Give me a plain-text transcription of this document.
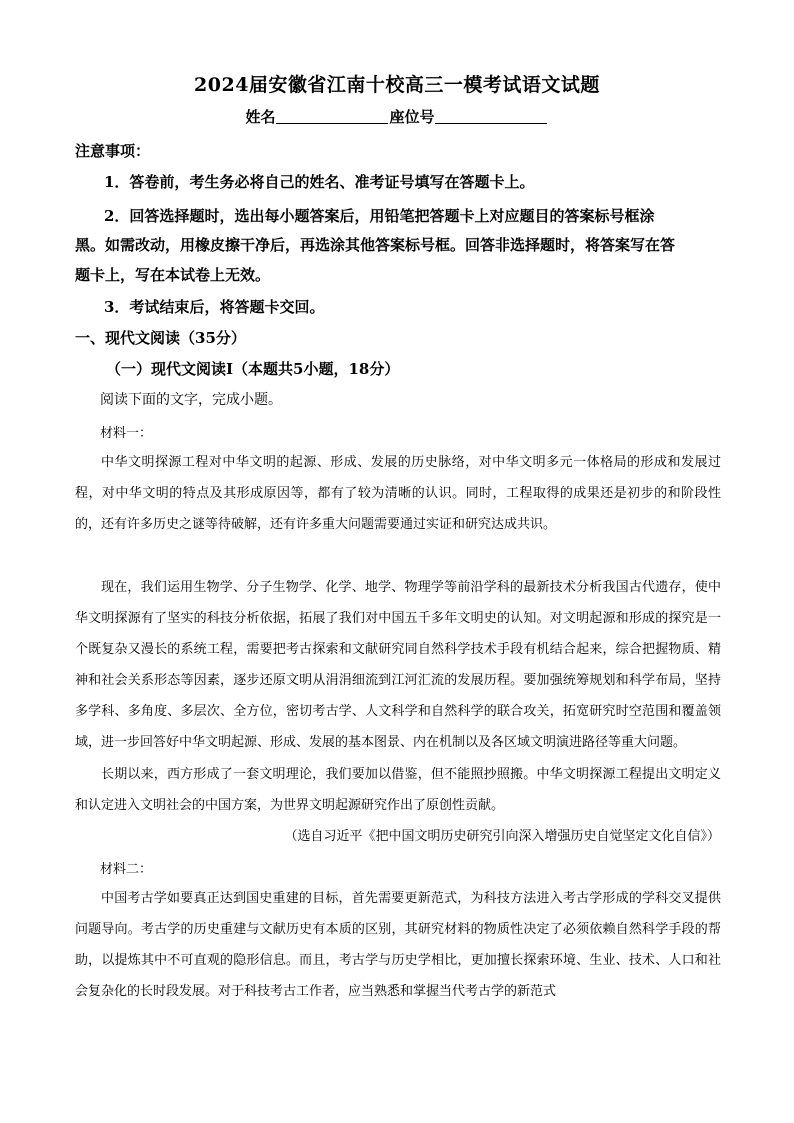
2024届安徽省江南十校高三一模考试语文试题
姓名	座位号
注意事项：
1．答卷前，考生务必将自己的姓名、准考证号填写在答题卡上。
2．回答选择题时，选出每小题答案后，用铅笔把答题卡上对应题目的答案标号框涂
黑。如需改动，用橡皮擦干净后，再选涂其他答案标号框。回答非选择题时，将答案写在答
题卡上，写在本试卷上无效。
3．考试结束后，将答题卡交回。
一、现代文阅读（35分）
（一）现代文阅读Ⅰ（本题共5小题，18分）
阅读下面的文字，完成小题。
材料一：

中华文明探源工程对中华文明的起源、形成、发展的历史脉络，对中华文明多元一体格局的形成和发展过程，对中华文明的特点及其形成原因等，都有了较为清晰的认识。同时，工程取得的成果还是初步的和阶段性的，还有许多历史之谜等待破解，还有许多重大问题需要通过实证和研究达成共识。

现在，我们运用生物学、分子生物学、化学、地学、物理学等前沿学科的最新技术分析我国古代遗存，使中华文明探源有了坚实的科技分析依据，拓展了我们对中国五千多年文明史的认知。对文明起源和形成的探究是一个既复杂又漫长的系统工程，需要把考古探索和文献研究同自然科学技术手段有机结合起来，综合把握物质、精神和社会关系形态等因素，逐步还原文明从涓涓细流到江河汇流的发展历程。要加强统筹规划和科学布局，坚持多学科、多角度、多层次、全方位，密切考古学、人文科学和自然科学的联合攻关，拓宽研究时空范围和覆盖领域，进一步回答好中华文明起源、形成、发展的基本图景、内在机制以及各区域文明演进路径等重大问题。

长期以来，西方形成了一套文明理论，我们要加以借鉴，但不能照抄照搬。中华文明探源工程提出文明定义和认定进入文明社会的中国方案，为世界文明起源研究作出了原创性贡献。

（选自习近平《把中国文明历史研究引向深入增强历史自觉坚定文化自信》）
材料二：

中国考古学如要真正达到国史重建的目标，首先需要更新范式，为科技方法进入考古学形成的学科交叉提供问题导向。考古学的历史重建与文献历史有本质的区别，其研究材料的物质性决定了必须依赖自然科学手段的帮助，以提炼其中不可直观的隐形信息。而且，考古学与历史学相比，更加擅长探索环境、生业、技术、人口和社会复杂化的长时段发展。对于科技考古工作者，应当熟悉和掌握当代考古学的新范式
